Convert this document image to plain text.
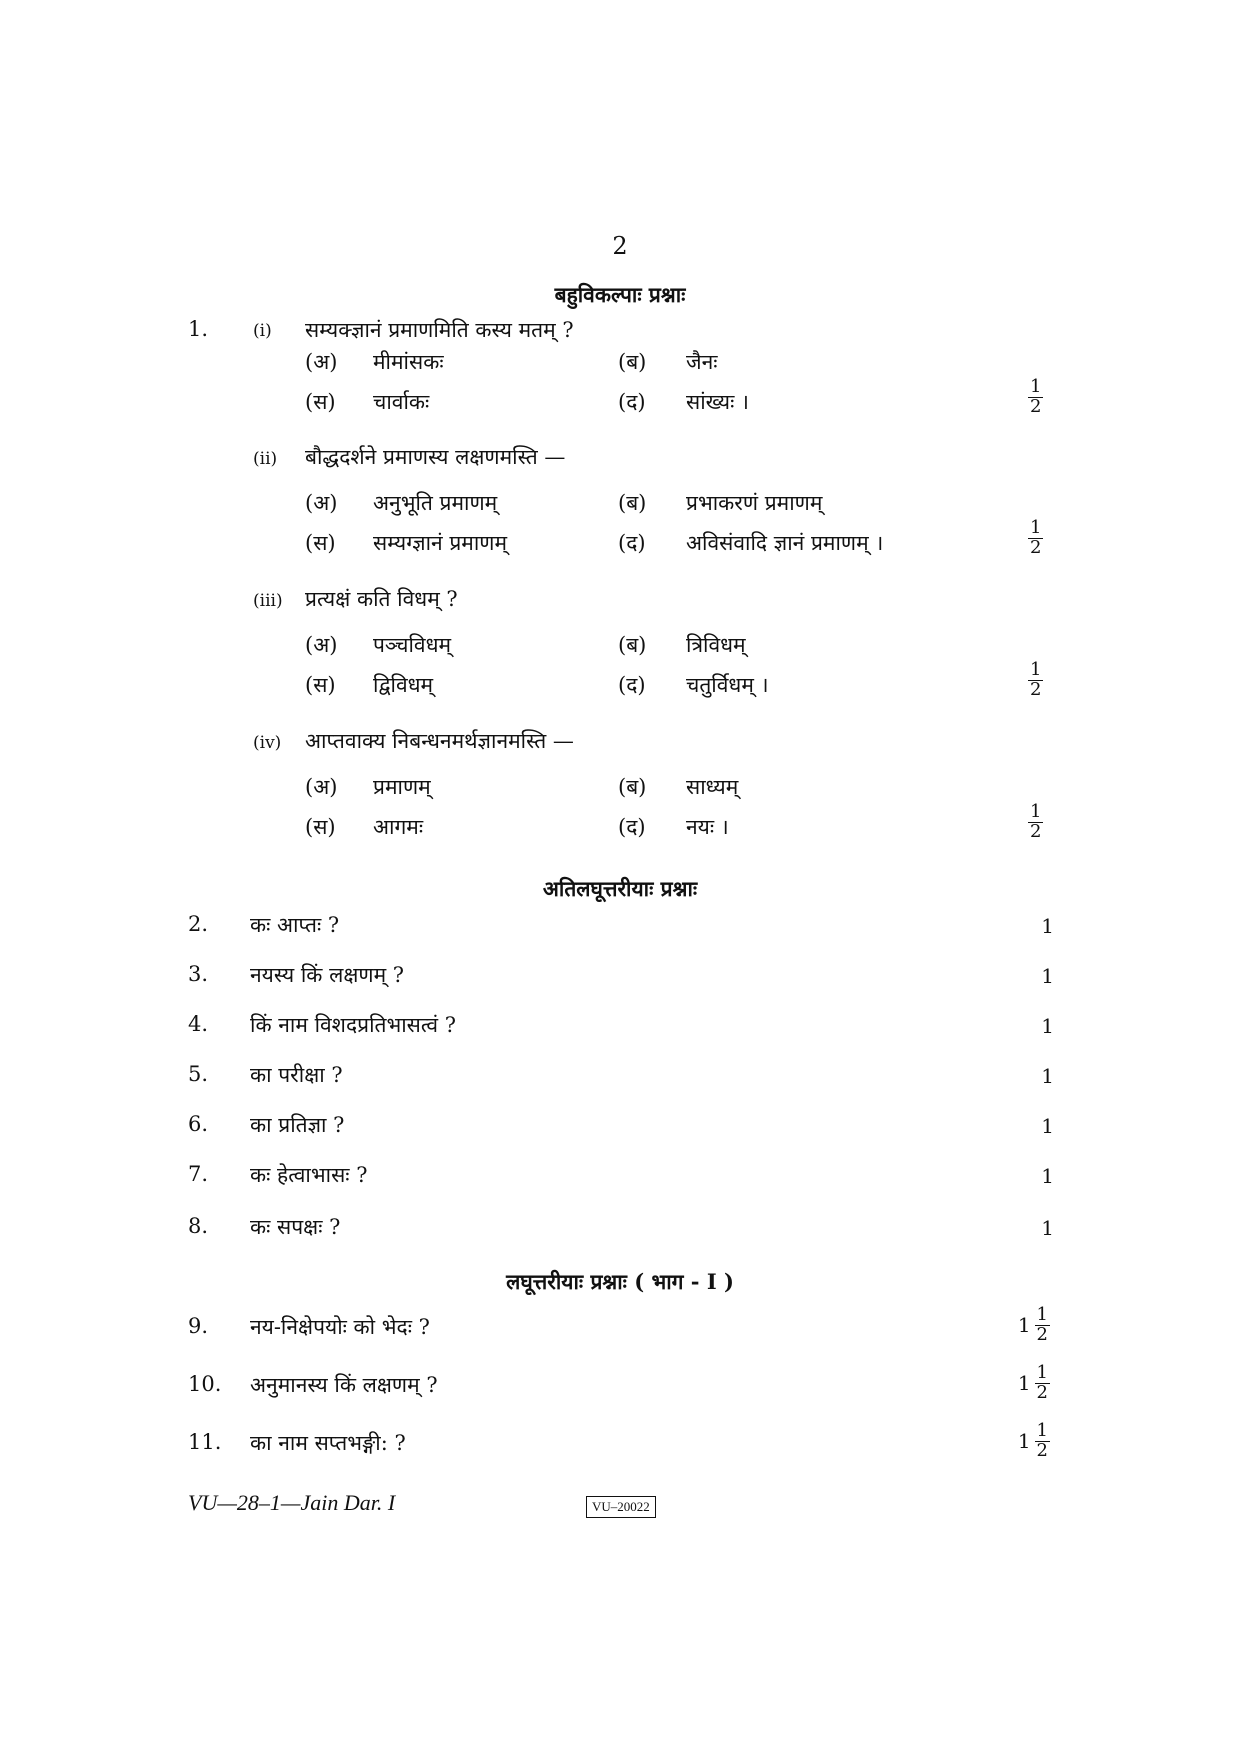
2
बहुविकल्पाः प्रश्नाः
1.	(i) सम्यक्ज्ञानं प्रमाणमिति कस्य मतम् ?
(अ) मीमांसकः	(ब) जैनः
(स) चार्वाकः	(द) सांख्यः ।	$\frac{1}{2}$
(ii) बौद्धदर्शने प्रमाणस्य लक्षणमस्ति —
(अ) अनुभूति प्रमाणम्	(ब) प्रभाकरणं प्रमाणम्
(स) सम्यग्ज्ञानं प्रमाणम्	(द) अविसंवादि ज्ञानं प्रमाणम् ।	$\frac{1}{2}$
(iii) प्रत्यक्षं कति विधम् ?
(अ) पञ्चविधम्	(ब) त्रिविधम्
(स) द्विविधम्	(द) चतुर्विधम् ।	$\frac{1}{2}$
(iv) आप्तवाक्य निबन्धनमर्थज्ञानमस्ति —
(अ) प्रमाणम्	(ब) साध्यम्
(स) आगमः	(द) नयः ।	$\frac{1}{2}$
अतिलघूत्तरीयाः प्रश्नाः
2. कः आप्तः ?	1
3. नयस्य किं लक्षणम् ?	1
4. किं नाम विशदप्रतिभासत्वं ?	1
5. का परीक्षा ?	1
6. का प्रतिज्ञा ?	1
7. कः हेत्वाभासः ?	1
8. कः सपक्षः ?	1
लघूत्तरीयाः प्रश्नाः ( भाग - I )
9. नय-निक्षेपयोः को भेदः ?	$1 \frac{1}{2}$
10. अनुमानस्य किं लक्षणम् ?	$1 \frac{1}{2}$
11. का नाम सप्तभङ्गी: ?	$1 \frac{1}{2}$
VU—28–1—Jain Dar. I	VU–20022
